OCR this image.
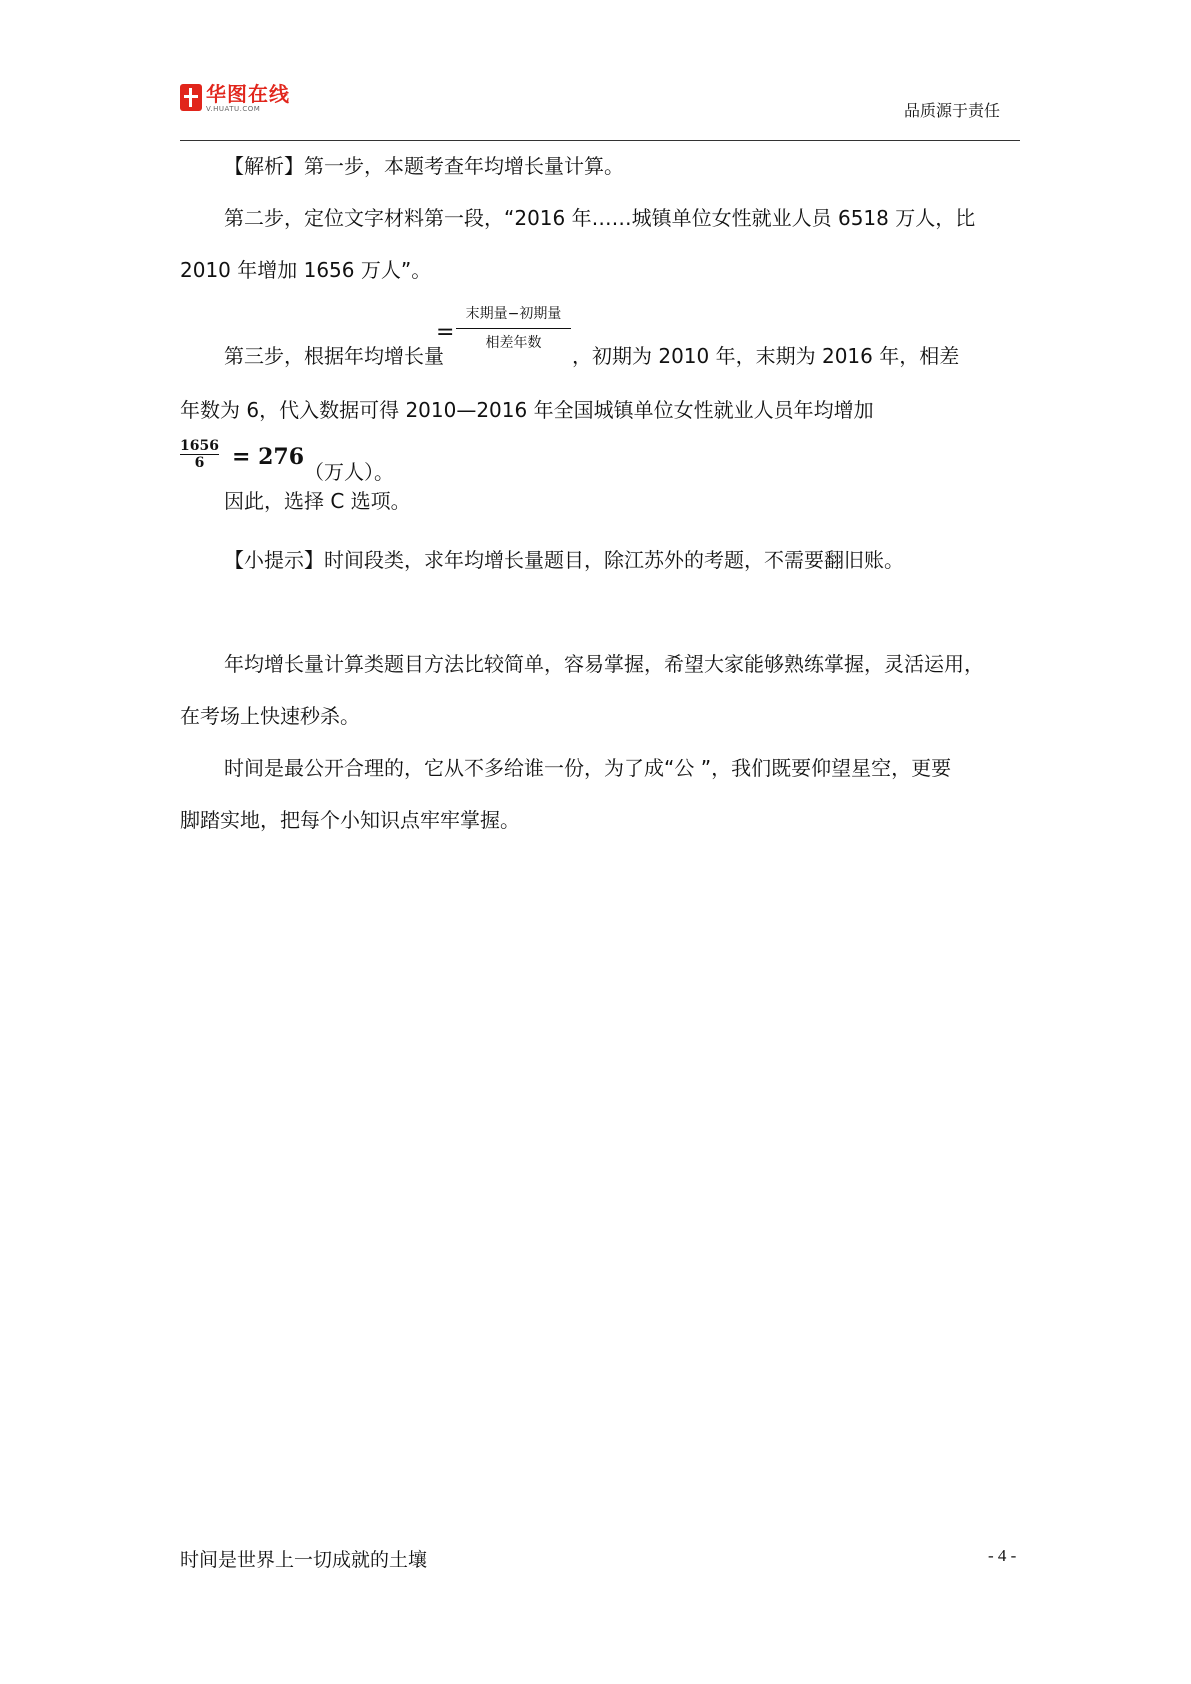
华图在线
V.HUATU.COM	品质源于责任

【解析】第一步，本题考查年均增长量计算。

第二步，定位文字材料第一段，“2016 年……城镇单位女性就业人员 6518 万人，比

2010 年增加 1656 万人”。

第三步，根据年均增长量
=
末期量−初期量
相差年数
，初期为 2010 年，末期为 2016 年，相差

年数为 6，代入数据可得 2010—2016 年全国城镇单位女性就业人员年均增加

1656
6	= 276
（万人）。

因此，选择 C 选项。

【小提示】时间段类，求年均增长量题目，除江苏外的考题，不需要翻旧账。

年均增长量计算类题目方法比较简单，容易掌握，希望大家能够熟练掌握，灵活运用，

在考场上快速秒杀。

时间是最公开合理的，它从不多给谁一份，为了成“公 ”，我们既要仰望星空，更要

脚踏实地，把每个小知识点牢牢掌握。

时间是世界上一切成就的土壤	- 4 -
